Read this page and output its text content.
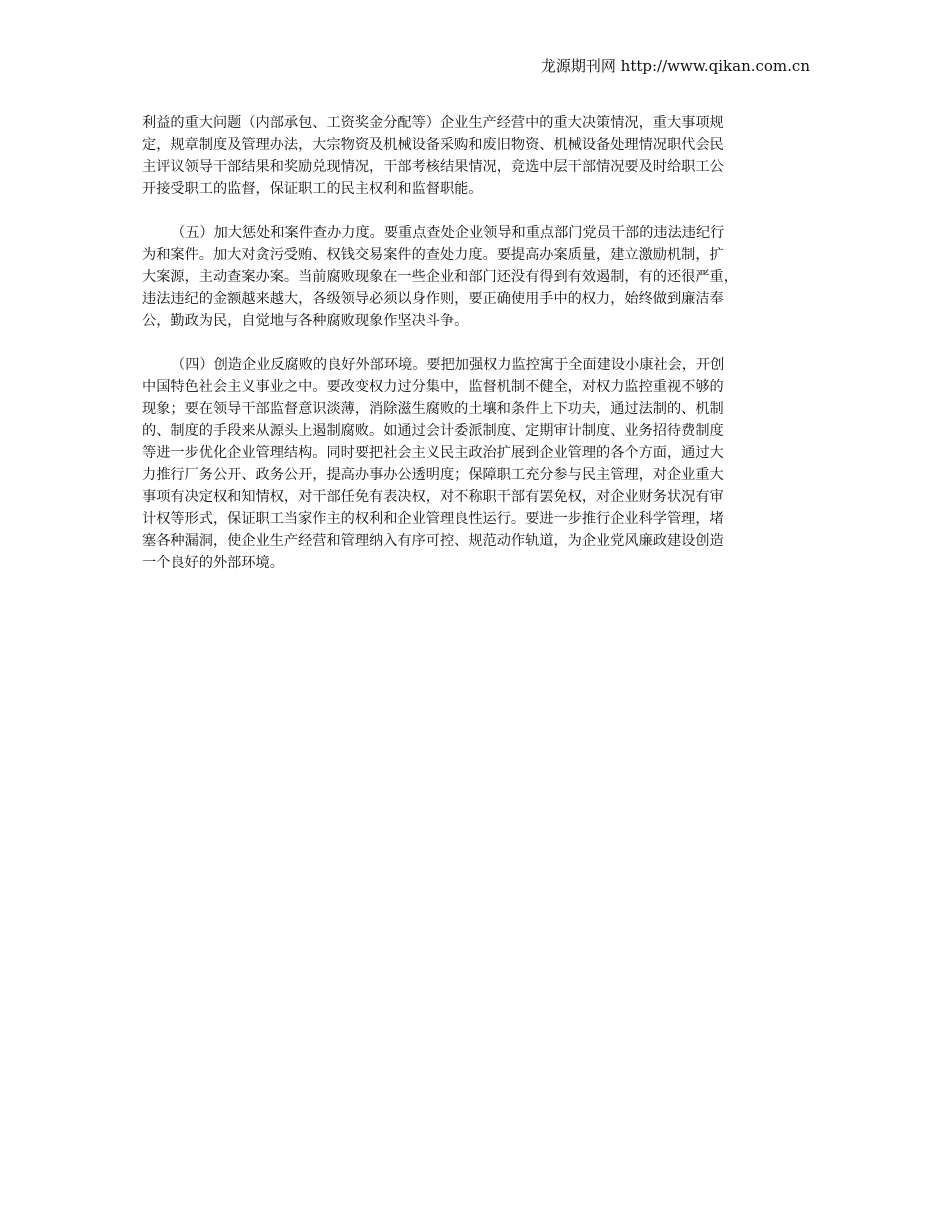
龙源期刊网 http://www.qikan.com.cn
利益的重大问题（内部承包、工资奖金分配等）企业生产经营中的重大决策情况，重大事项规
定，规章制度及管理办法，大宗物资及机械设备采购和废旧物资、机械设备处理情况职代会民
主评议领导干部结果和奖励兑现情况，干部考核结果情况，竞选中层干部情况要及时给职工公
开接受职工的监督，保证职工的民主权利和监督职能。
（五）加大惩处和案件查办力度。要重点查处企业领导和重点部门党员干部的违法违纪行
为和案件。加大对贪污受贿、权钱交易案件的查处力度。要提高办案质量，建立激励机制，扩
大案源，主动查案办案。当前腐败现象在一些企业和部门还没有得到有效遏制，有的还很严重，
违法违纪的金额越来越大，各级领导必须以身作则，要正确使用手中的权力，始终做到廉洁奉
公，勤政为民，自觉地与各种腐败现象作坚决斗争。
（四）创造企业反腐败的良好外部环境。要把加强权力监控寓于全面建设小康社会，开创
中国特色社会主义事业之中。要改变权力过分集中，监督机制不健全，对权力监控重视不够的
现象；要在领导干部监督意识淡薄，消除滋生腐败的土壤和条件上下功夫，通过法制的、机制
的、制度的手段来从源头上遏制腐败。如通过会计委派制度、定期审计制度、业务招待费制度
等进一步优化企业管理结构。同时要把社会主义民主政治扩展到企业管理的各个方面，通过大
力推行厂务公开、政务公开，提高办事办公透明度；保障职工充分参与民主管理，对企业重大
事项有决定权和知情权，对干部任免有表决权，对不称职干部有罢免权，对企业财务状况有审
计权等形式，保证职工当家作主的权利和企业管理良性运行。要进一步推行企业科学管理，堵
塞各种漏洞，使企业生产经营和管理纳入有序可控、规范动作轨道，为企业党风廉政建设创造
一个良好的外部环境。
